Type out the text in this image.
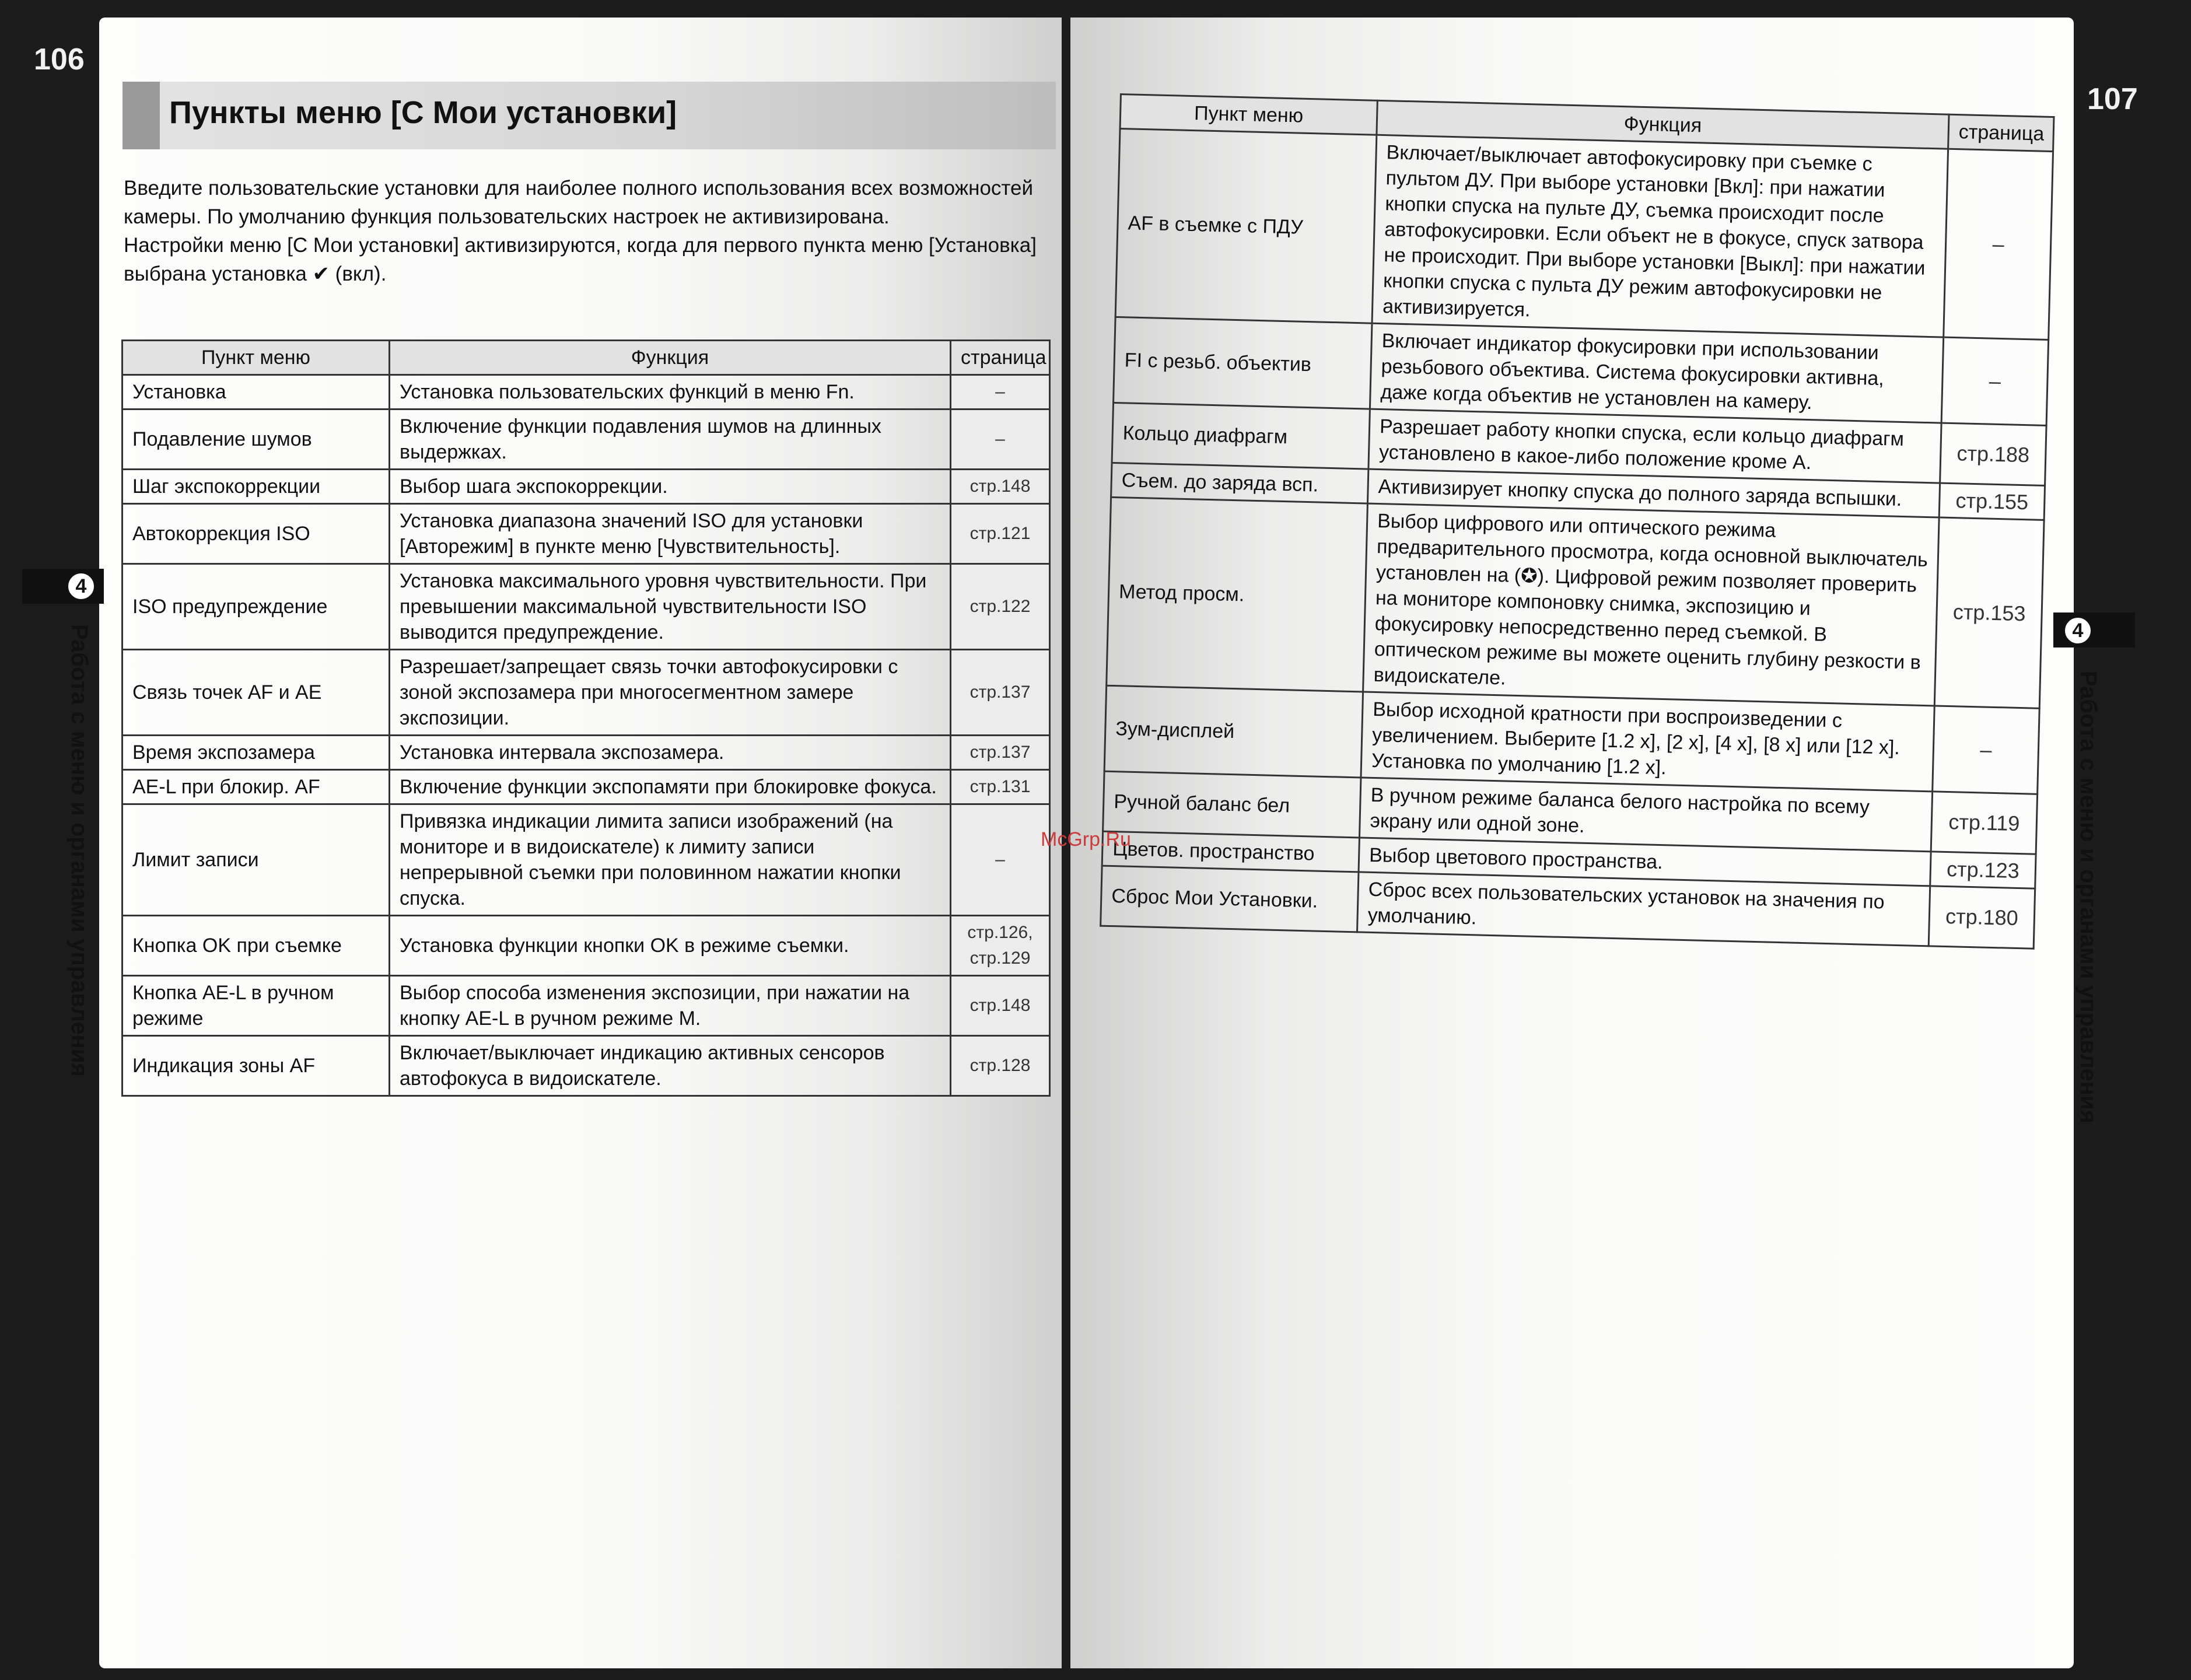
106
107
Пункты меню [C Мои установки]

Введите пользовательские установки для наиболее полного использования всех возможностей камеры. По умолчанию функция пользовательских настроек не активизирована.

Настройки меню [C Мои установки] активизируются, когда для первого пункта меню [Установка] выбрана установка ✔ (вкл).

Пункт меню	Функция	страница
Установка	Установка пользовательских функций в меню Fn.	–
Подавление шумов	Включение функции подавления шумов на длинных выдержках.	–
Шаг экспокоррекции	Выбор шага экспокоррекции.	стр.148
Автокоррекция ISO	Установка диапазона значений ISO для установки [Авторежим] в пункте меню [Чувствительность].	стр.121
ISO предупреждение	Установка максимального уровня чувствительности. При превышении максимальной чувствительности ISO выводится предупреждение.	стр.122
Связь точек AF и AE	Разрешает/запрещает связь точки автофокусировки с зоной экспозамера при многосегментном замере экспозиции.	стр.137
Время экспозамера	Установка интервала экспозамера.	стр.137
AE-L при блокир. AF	Включение функции экспопамяти при блокировке фокуса.	стр.131
Лимит записи	Привязка индикации лимита записи изображений (на мониторе и в видоискателе) к лимиту записи непрерывной съемки при половинном нажатии кнопки спуска.	–
Кнопка OK при съемке	Установка функции кнопки OK в режиме съемки.	стр.126, стр.129
Кнопка AE-L в ручном режиме	Выбор способа изменения экспозиции, при нажатии на кнопку AE-L в ручном режиме M.	стр.148
Индикация зоны AF	Включает/выключает индикацию активных сенсоров автофокуса в видоискателе.	стр.128
Пункт меню	Функция	страница
AF в съемке с ПДУ	Включает/выключает автофокусировку при съемке с пультом ДУ. При выборе установки [Вкл]: при нажатии кнопки спуска на пульте ДУ, съемка происходит после автофокусировки. Если объект не в фокусе, спуск затвора не происходит. При выборе установки [Выкл]: при нажатии кнопки спуска с пульта ДУ режим автофокусировки не активизируется.	–
FI с резьб. объектив	Включает индикатор фокусировки при использовании резьбового объектива. Система фокусировки активна, даже когда объектив не установлен на камеру.	–
Кольцо диафрагм	Разрешает работу кнопки спуска, если кольцо диафрагм установлено в какое-либо положение кроме A.	стр.188
Съем. до заряда всп.	Активизирует кнопку спуска до полного заряда вспышки.	стр.155
Метод просм.	Выбор цифрового или оптического режима предварительного просмотра, когда основной выключатель установлен на (✪). Цифровой режим позволяет проверить на мониторе компоновку снимка, экспозицию и фокусировку непосредственно перед съемкой. В оптическом режиме вы можете оценить глубину резкости в видоискателе.	стр.153
Зум-дисплей	Выбор исходной кратности при воспроизведении с увеличением. Выберите [1.2 x], [2 x], [4 x], [8 x] или [12 x]. Установка по умолчанию [1.2 x].	–
Ручной баланс бел	В ручном режиме баланса белого настройка по всему экрану или одной зоне.	стр.119
Цветов. пространство	Выбор цветового пространства.	стр.123
Сброс Мои Установки.	Сброс всех пользовательских установок на значения по умолчанию.	стр.180
4
Работа с меню и органами управления	4
Работа с меню и органами управления
McGrp.Ru
